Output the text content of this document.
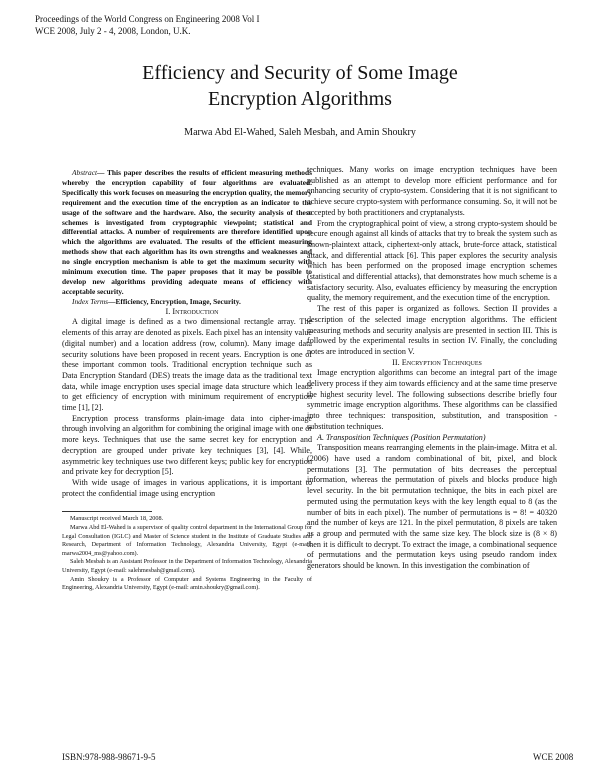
Proceedings of the World Congress on Engineering 2008 Vol I
WCE 2008, July 2 - 4, 2008, London, U.K.
Efficiency and Security of Some Image
Encryption Algorithms
Marwa Abd El-Wahed, Saleh Mesbah, and Amin Shoukry

Abstract— This paper describes the results of efficient measuring methods whereby the encryption capability of four algorithms are evaluated. Specifically this work focuses on measuring the encryption quality, the memory requirement and the execution time of the encryption as an indicator to the usage of the software and the hardware. Also, the security analysis of these schemes is investigated from cryptographic viewpoint; statistical and differential attacks. A number of requirements are therefore identified upon which the algorithms are evaluated. The results of the efficient measuring methods show that each algorithm has its own strengths and weaknesses and no single encryption mechanism is able to get the maximum security with minimum execution time. The paper proposes that it may be possible to develop new algorithms providing adequate means of efficiency with acceptable security.

Index Terms—Efficiency, Encryption, Image, Security.

I. Introduction

A digital image is defined as a two dimensional rectangle array. The elements of this array are denoted as pixels. Each pixel has an intensity value (digital number) and a location address (row, column). Many image data security solutions have been proposed in recent years. Encryption is one of these important common tools. Traditional encryption technique such as Data Encryption Standard (DES) treats the image data as the traditional text data, while image encryption uses special image data structure which leads to get efficiency of encryption with minimum requirement of encryption time [1], [2].

Encryption process transforms plain-image data into cipher-image through involving an algorithm for combining the original image with one or more keys. Techniques that use the same secret key for encryption and decryption are grouped under private key techniques [3], [4]. While, asymmetric key techniques use two different keys; public key for encryption and private key for decryption [5].

With wide usage of images in various applications, it is important to protect the confidential image using encryption

Manuscript received March 18, 2008.

Marwa Abd El-Wahed is a supervisor of quality control department in the International Group for Legal Consultation (IGLC) and Master of Science student in the Institute of Graduate Studies and Research, Department of Information Technology, Alexandria University, Egypt (e-mail: marwa2004_ms@yahoo.com).

Saleh Mesbah is an Assistant Professor in the Department of Information Technology, Alexandria University, Egypt (e-mail: salehmesbah@gmail.com).

Amin Shoukry is a Professor of Computer and Systems Engineering in the Faculty of Engineering, Alexandria University, Egypt (e-mail: amin.shoukry@gmail.com).

techniques. Many works on image encryption techniques have been published as an attempt to develop more efficient performance and for enhancing security of crypto-system. Considering that it is not significant to achieve secure crypto-system with performance consuming. So, it will not be accepted by both practitioners and cryptanalysts.

From the cryptographical point of view, a strong crypto-system should be secure enough against all kinds of attacks that try to break the system such as known-plaintext attack, ciphertext-only attack, brute-force attack, statistical attack, and differential attack [6]. This paper explores the security analysis which has been performed on the proposed image encryption schemes (statistical and differential attacks), that demonstrates how much scheme is a satisfactory security. Also, evaluates efficiency by measuring the encryption quality, the memory requirement, and the execution time of the encryption.

The rest of this paper is organized as follows. Section II provides a description of the selected image encryption algorithms. The efficient measuring methods and security analysis are presented in section III. This is followed by the experimental results in section IV. Finally, the concluding notes are introduced in section V.

II. Encryption Techniques

Image encryption algorithms can become an integral part of the image delivery process if they aim towards efficiency and at the same time preserve the highest security level. The following subsections describe briefly four symmetric image encryption algorithms. These algorithms can be classified into three techniques: transposition, substitution, and transposition - substitution techniques.

A. Transposition Techniques (Position Permutation)

Transposition means rearranging elements in the plain-image. Mitra et al. (2006) have used a random combinational of bit, pixel, and block permutations [3]. The permutation of bits decreases the perceptual information, whereas the permutation of pixels and blocks produce high level security. In the bit permutation technique, the bits in each pixel are permuted using the permutation keys with the key length equal to 8 (as the number of bits in each pixel). The number of permutations is = 8! = 40320 and the number of keys are 121. In the pixel permutation, 8 pixels are taken as a group and permuted with the same size key. The block size is (8 × 8) then it is difficult to decrypt. To extract the image, a combinational sequence of permutations and the permutation keys using pseudo random index generators should be known. In this investigation the combination of

ISBN:978-988-98671-9-5	WCE 2008
